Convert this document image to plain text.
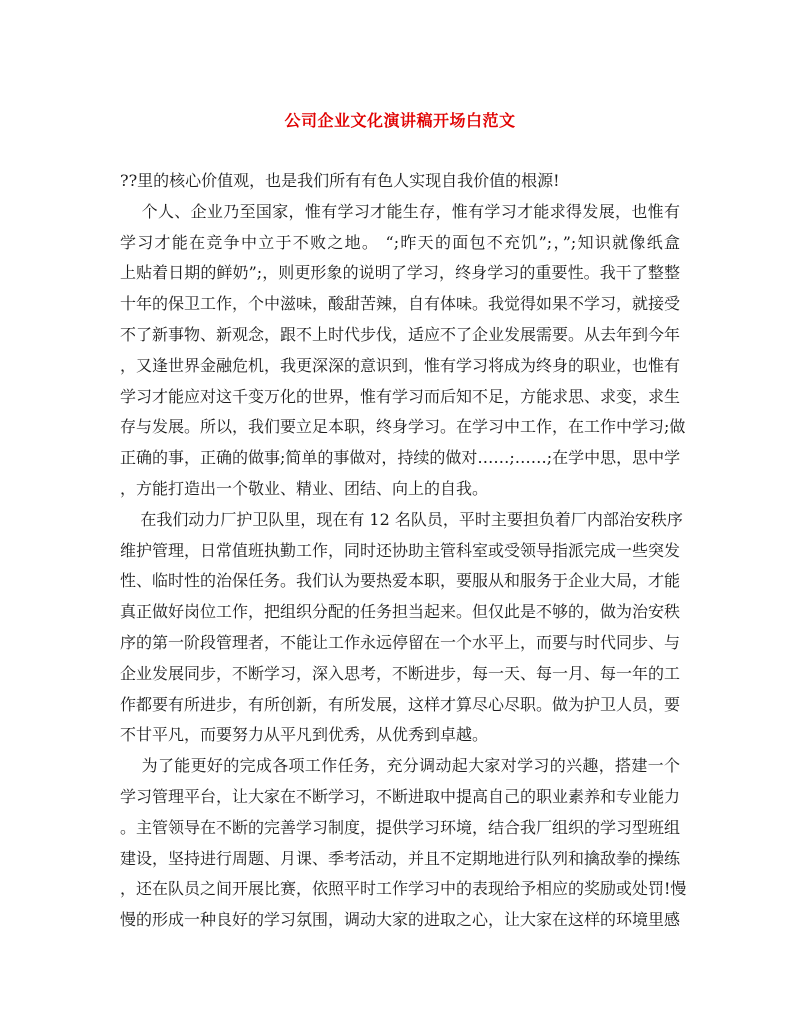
公司企业文化演讲稿开场白范文
??里的核心价值观，也是我们所有有色人实现自我价值的根源!
个人、企业乃至国家，惟有学习才能生存，惟有学习才能求得发展，也惟有
学习才能在竞争中立于不败之地。 “;昨天的面包不充饥”;，”;知识就像纸盒
上贴着日期的鲜奶”;，则更形象的说明了学习，终身学习的重要性。我干了整整
十年的保卫工作，个中滋味，酸甜苦辣，自有体味。我觉得如果不学习，就接受
不了新事物、新观念，跟不上时代步伐，适应不了企业发展需要。从去年到今年
，又逢世界金融危机，我更深深的意识到，惟有学习将成为终身的职业，也惟有
学习才能应对这千变万化的世界，惟有学习而后知不足，方能求思、求变，求生
存与发展。所以，我们要立足本职，终身学习。在学习中工作，在工作中学习;做
正确的事，正确的做事;简单的事做对，持续的做对……;……;在学中思，思中学
，方能打造出一个敬业、精业、团结、向上的自我。
在我们动力厂护卫队里，现在有 12 名队员，平时主要担负着厂内部治安秩序
维护管理，日常值班执勤工作，同时还协助主管科室或受领导指派完成一些突发
性、临时性的治保任务。我们认为要热爱本职，要服从和服务于企业大局，才能
真正做好岗位工作，把组织分配的任务担当起来。但仅此是不够的，做为治安秩
序的第一阶段管理者，不能让工作永远停留在一个水平上，而要与时代同步、与
企业发展同步，不断学习，深入思考，不断进步，每一天、每一月、每一年的工
作都要有所进步，有所创新，有所发展，这样才算尽心尽职。做为护卫人员，要
不甘平凡，而要努力从平凡到优秀，从优秀到卓越。
为了能更好的完成各项工作任务，充分调动起大家对学习的兴趣，搭建一个
学习管理平台，让大家在不断学习，不断进取中提高自己的职业素养和专业能力
。主管领导在不断的完善学习制度，提供学习环境，结合我厂组织的学习型班组
建设，坚持进行周题、月课、季考活动，并且不定期地进行队列和擒敌拳的操练
，还在队员之间开展比赛，依照平时工作学习中的表现给予相应的奖励或处罚!慢
慢的形成一种良好的学习氛围，调动大家的进取之心，让大家在这样的环境里感
